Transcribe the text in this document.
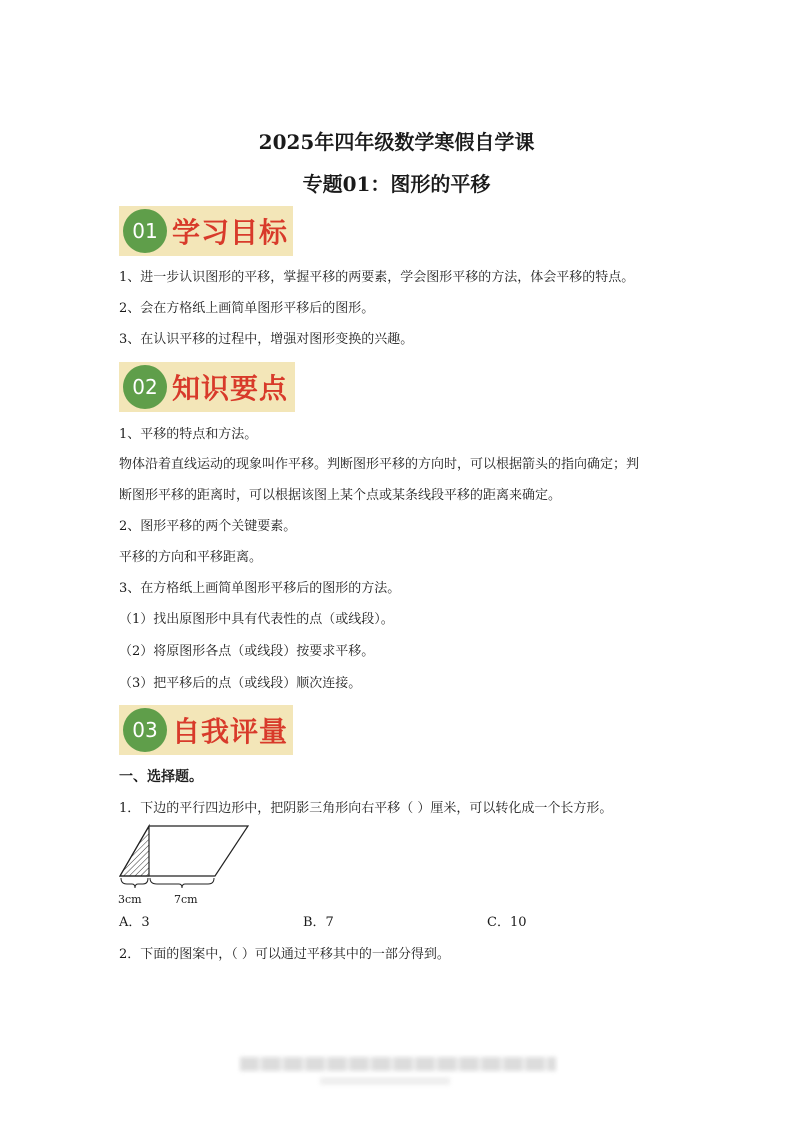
2025年四年级数学寒假自学课
专题01：图形的平移
01 学习目标
1、进一步认识图形的平移，掌握平移的两要素，学会图形平移的方法，体会平移的特点。
2、会在方格纸上画简单图形平移后的图形。
3、在认识平移的过程中，增强对图形变换的兴趣。
02 知识要点
1、平移的特点和方法。
物体沿着直线运动的现象叫作平移。判断图形平移的方向时，可以根据箭头的指向确定；判
断图形平移的距离时，可以根据该图上某个点或某条线段平移的距离来确定。
2、图形平移的两个关键要素。
平移的方向和平移距离。
3、在方格纸上画简单图形平移后的图形的方法。
（1）找出原图形中具有代表性的点（或线段）。
（2）将原图形各点（或线段）按要求平移。
（3）把平移后的点（或线段）顺次连接。
03 自我评量
一、选择题。
1．下边的平行四边形中，把阴影三角形向右平移（ ）厘米，可以转化成一个长方形。
3cm	7cm
A．3	B．7	C．10
2．下面的图案中，（ ）可以通过平移其中的一部分得到。
